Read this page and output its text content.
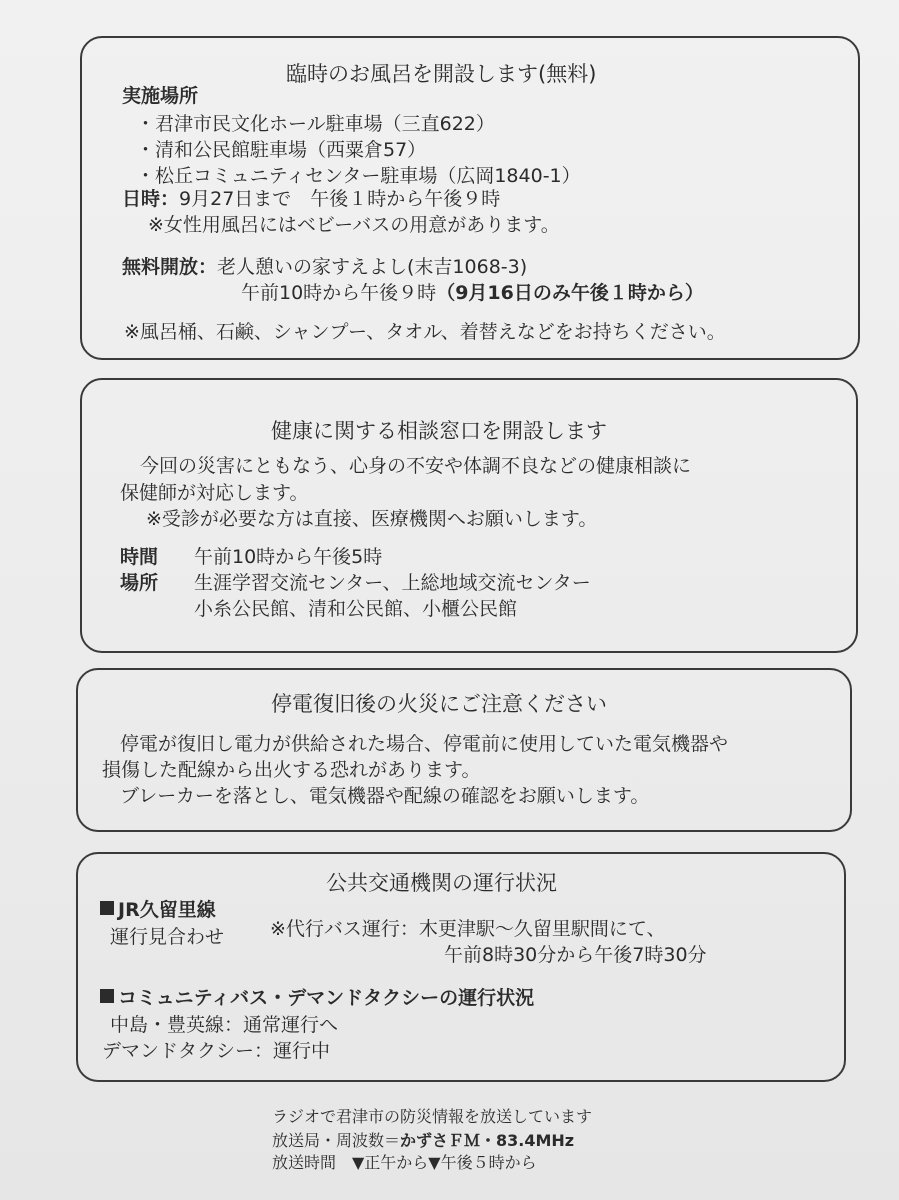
臨時のお風呂を開設します(無料)
実施場所
・君津市民文化ホール駐車場（三直622）
・清和公民館駐車場（西粟倉57）
・松丘コミュニティセンター駐車場（広岡1840-1）
日時：9月27日まで　午後１時から午後９時
※女性用風呂にはベビーバスの用意があります。
無料開放：老人憩いの家すえよし(末吉1068-3)
午前10時から午後９時（9月16日のみ午後１時から）
※風呂桶、石鹸、シャンプー、タオル、着替えなどをお持ちください。
健康に関する相談窓口を開設します
今回の災害にともなう、心身の不安や体調不良などの健康相談に
保健師が対応します。
※受診が必要な方は直接、医療機関へお願いします。
時間 午前10時から午後5時
場所 生涯学習交流センター、上総地域交流センター
小糸公民館、清和公民館、小櫃公民館
停電復旧後の火災にご注意ください
停電が復旧し電力が供給された場合、停電前に使用していた電気機器や
損傷した配線から出火する恐れがあります。
ブレーカーを落とし、電気機器や配線の確認をお願いします。
公共交通機関の運行状況
JR久留里線
運行見合わせ ※代行バス運行：木更津駅～久留里駅間にて、
午前8時30分から午後7時30分
コミュニティバス・デマンドタクシーの運行状況
中島・豊英線：通常運行へ
デマンドタクシー：運行中
ラジオで君津市の防災情報を放送しています
放送局・周波数＝かずさＦＭ・83.4MHz
放送時間　▼正午から▼午後５時から
